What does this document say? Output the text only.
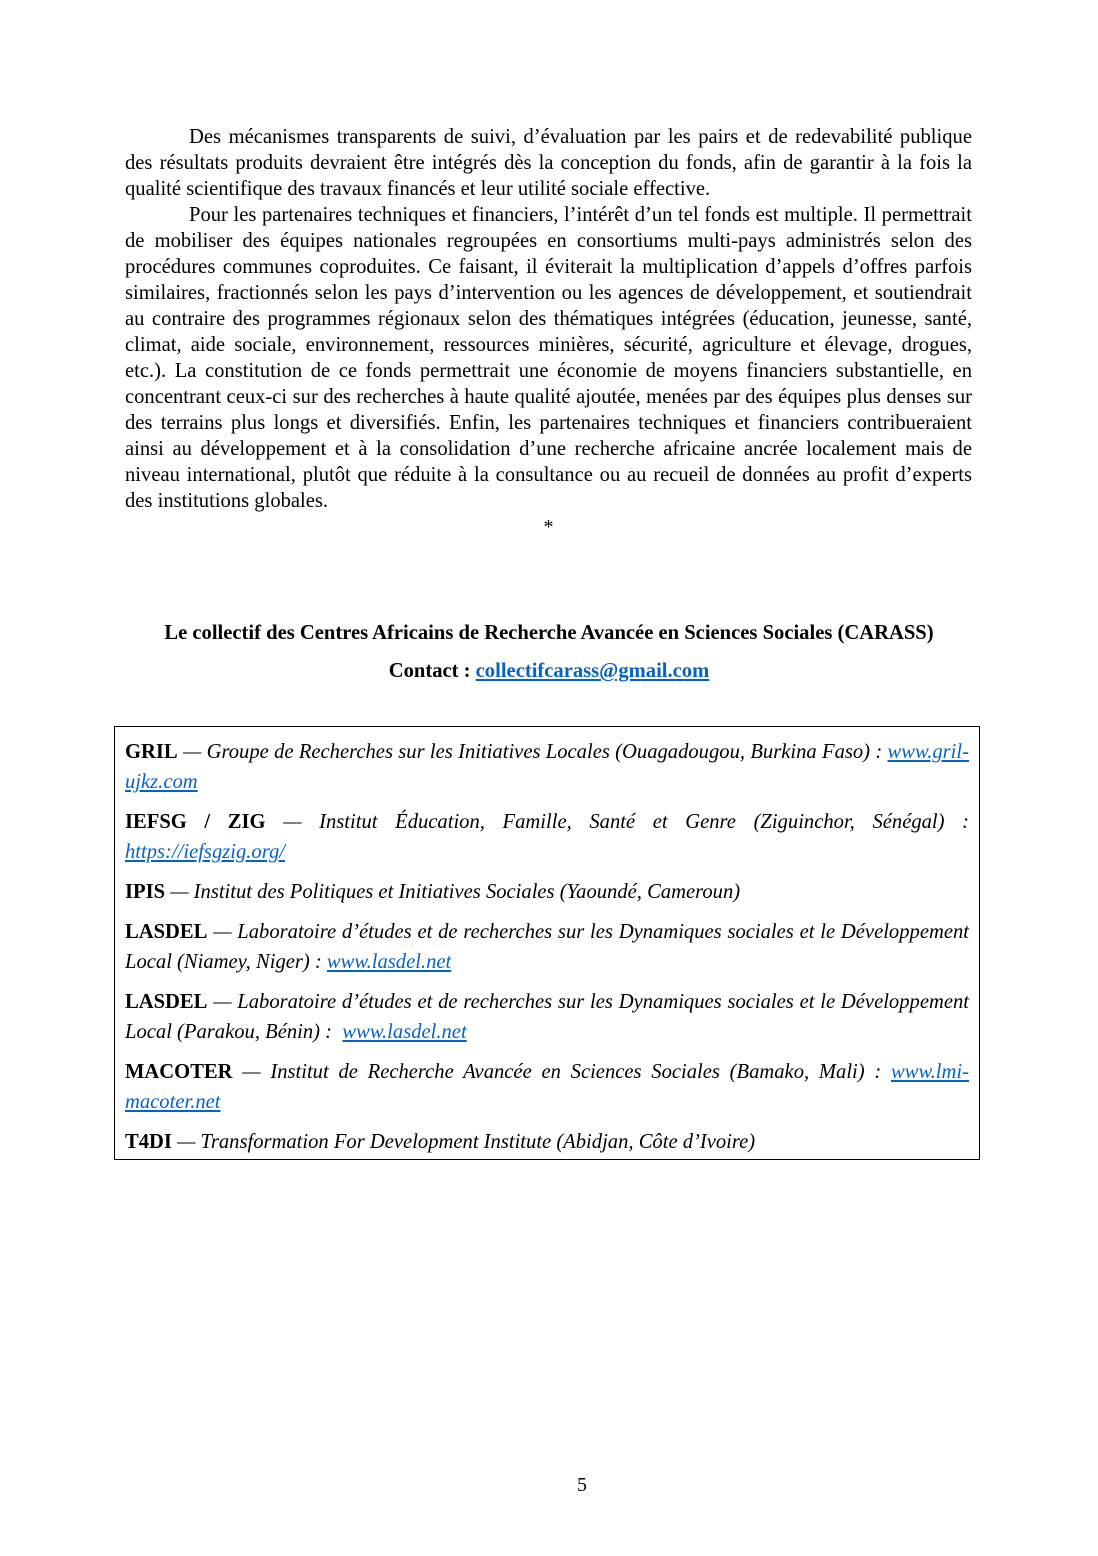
Des mécanismes transparents de suivi, d’évaluation par les pairs et de redevabilité publique des résultats produits devraient être intégrés dès la conception du fonds, afin de garantir à la fois la qualité scientifique des travaux financés et leur utilité sociale effective.

Pour les partenaires techniques et financiers, l’intérêt d’un tel fonds est multiple. Il permettrait de mobiliser des équipes nationales regroupées en consortiums multi-pays administrés selon des procédures communes coproduites. Ce faisant, il éviterait la multiplication d’appels d’offres parfois similaires, fractionnés selon les pays d’intervention ou les agences de développement, et soutiendrait au contraire des programmes régionaux selon des thématiques intégrées (éducation, jeunesse, santé, climat, aide sociale, environnement, ressources minières, sécurité, agriculture et élevage, drogues, etc.). La constitution de ce fonds permettrait une économie de moyens financiers substantielle, en concentrant ceux-ci sur des recherches à haute qualité ajoutée, menées par des équipes plus denses sur des terrains plus longs et diversifiés. Enfin, les partenaires techniques et financiers contribueraient ainsi au développement et à la consolidation d’une recherche africaine ancrée localement mais de niveau international, plutôt que réduite à la consultance ou au recueil de données au profit d’experts des institutions globales.

*

Le collectif des Centres Africains de Recherche Avancée en Sciences Sociales (CARASS)
Contact : collectifcarass@gmail.com

GRIL — Groupe de Recherches sur les Initiatives Locales (Ouagadougou, Burkina Faso) : www.gril-ujkz.com

IEFSG / ZIG — Institut Éducation, Famille, Santé et Genre (Ziguinchor, Sénégal) : https://iefsgzig.org/

IPIS — Institut des Politiques et Initiatives Sociales (Yaoundé, Cameroun)

LASDEL — Laboratoire d’études et de recherches sur les Dynamiques sociales et le Développement Local (Niamey, Niger) : www.lasdel.net

LASDEL — Laboratoire d’études et de recherches sur les Dynamiques sociales et le Développement Local (Parakou, Bénin) :  www.lasdel.net

MACOTER — Institut de Recherche Avancée en Sciences Sociales (Bamako, Mali) : www.lmi-macoter.net

T4DI — Transformation For Development Institute (Abidjan, Côte d’Ivoire)

5
